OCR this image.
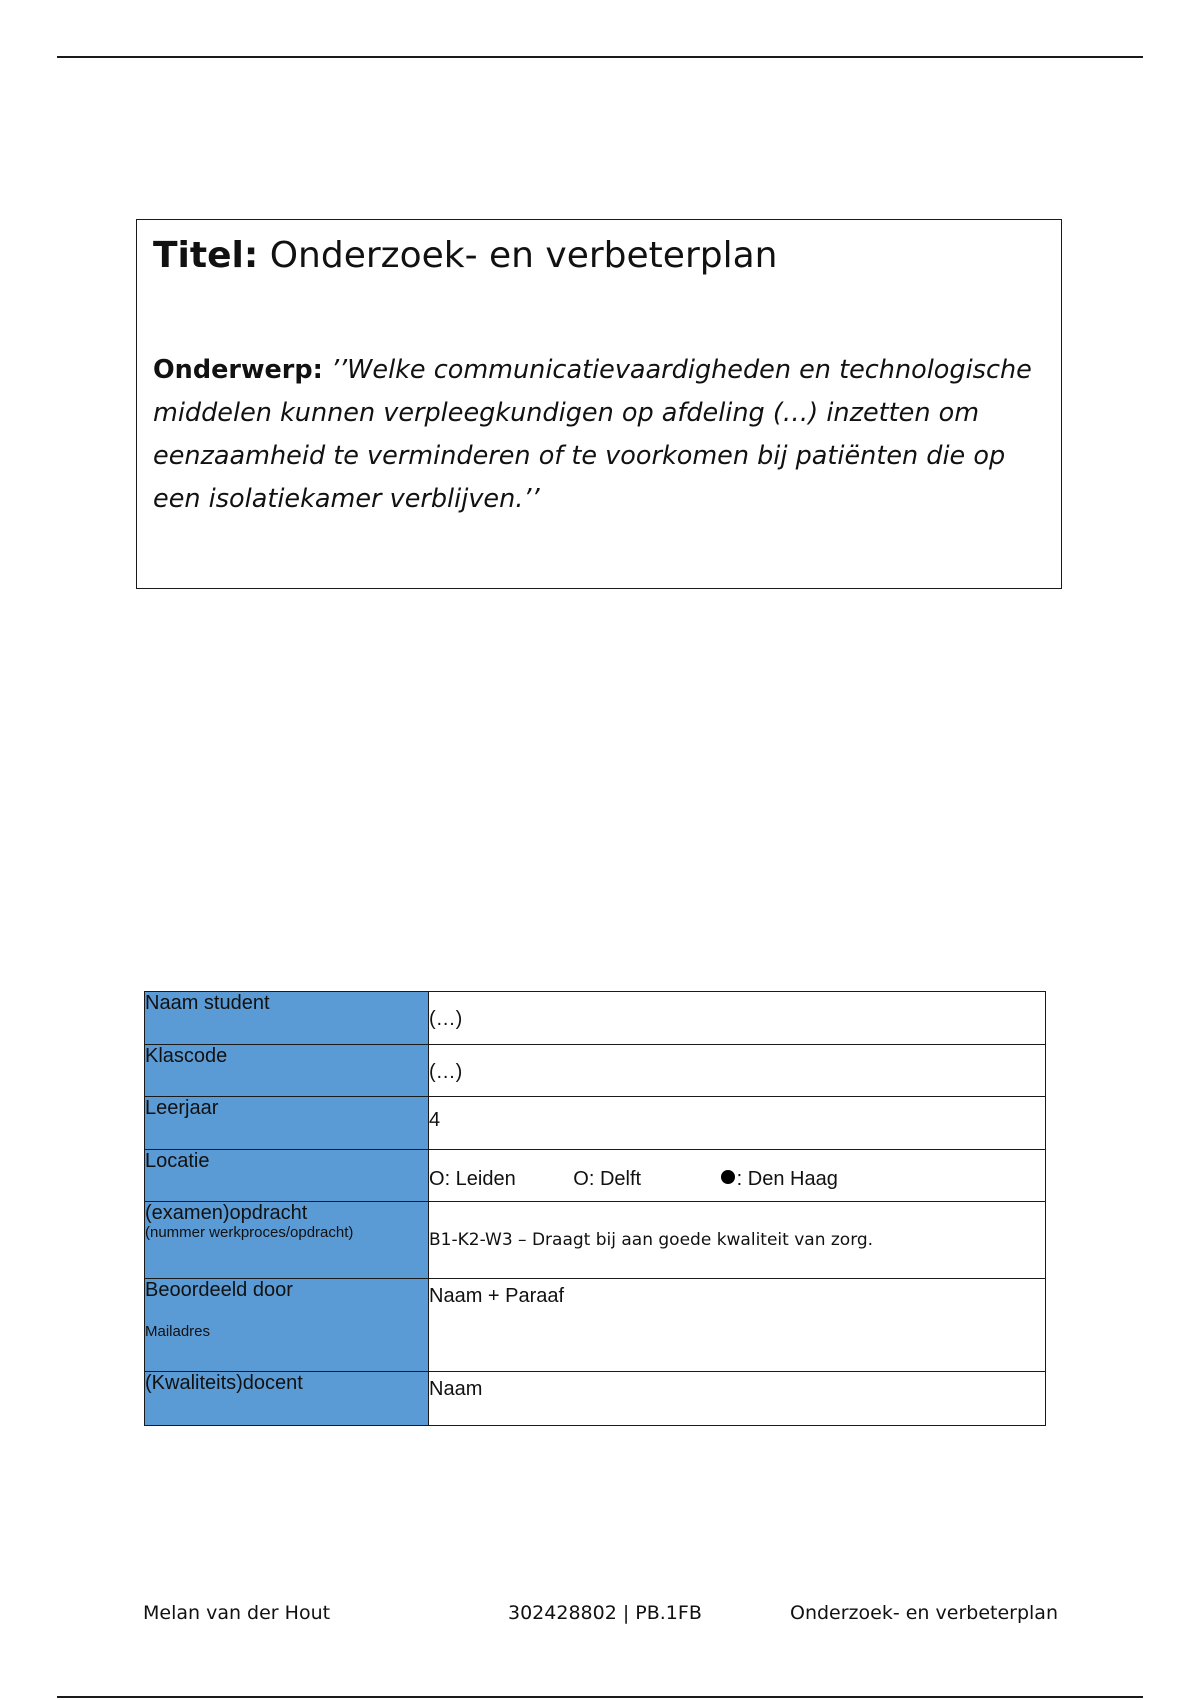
Titel: Onderzoek- en verbeterplan

Onderwerp: ’’Welke communicatievaardigheden en technologische middelen kunnen verpleegkundigen op afdeling (…) inzetten om eenzaamheid te verminderen of te voorkomen bij patiënten die op een isolatiekamer verblijven.’’
Naam student	(…)

Klascode	(…)

Leerjaar	4

Locatie	O: Leiden O: Delft : Den Haag

(examen)opdracht
(nummer werkproces/opdracht)	B1-K2-W3 – Draagt bij aan goede kwaliteit van zorg.

Beoordeeld door
Mailadres	Naam + Paraaf

(Kwaliteits)docent	Naam
Melan van der Hout	302428802 | PB.1FB	Onderzoek- en verbeterplan
